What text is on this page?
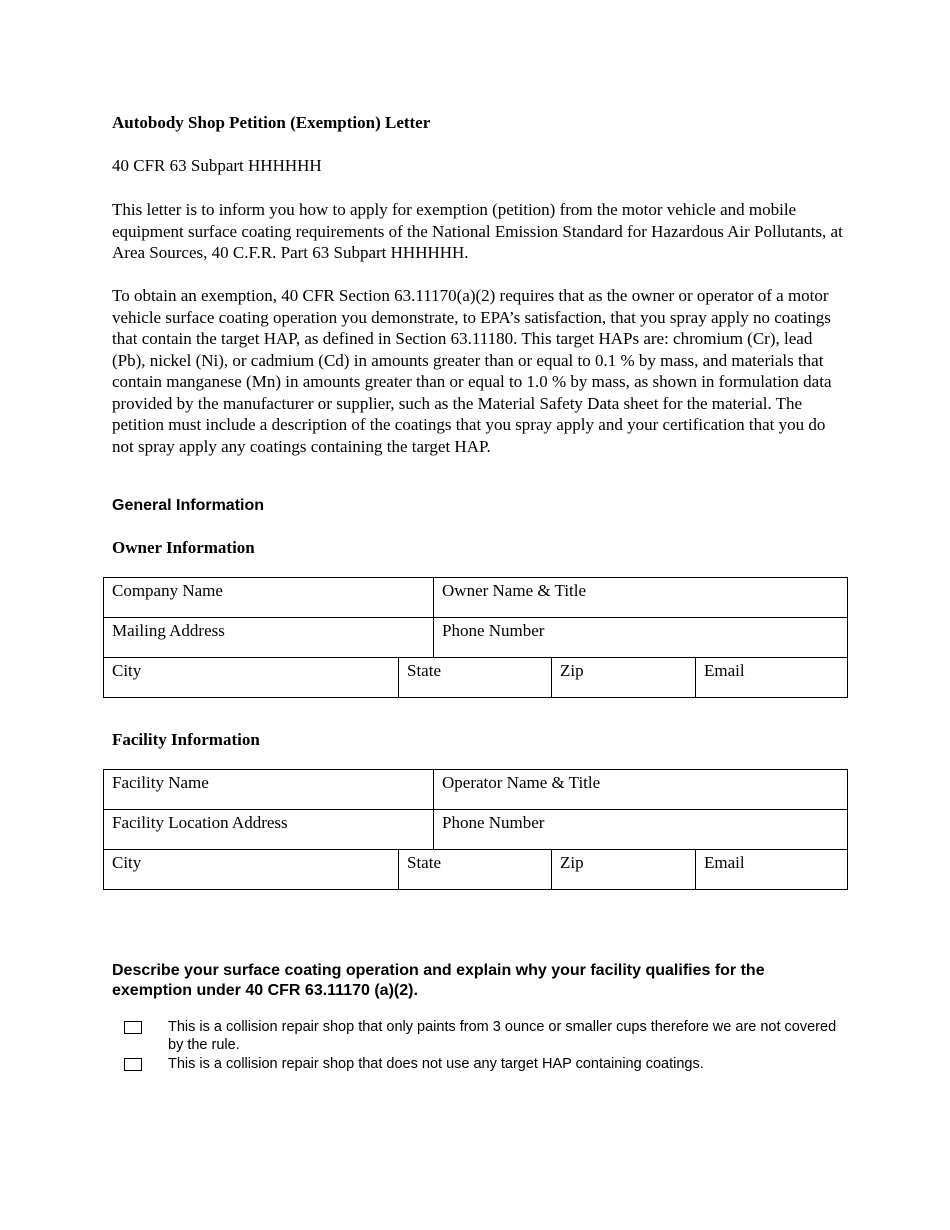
Autobody Shop Petition (Exemption) Letter
40 CFR 63 Subpart HHHHHH
This letter is to inform you how to apply for exemption (petition) from the motor vehicle and mobile equipment surface coating requirements of the National Emission Standard for Hazardous Air Pollutants, at Area Sources, 40 C.F.R. Part 63 Subpart HHHHHH.
To obtain an exemption, 40 CFR Section 63.11170(a)(2) requires that as the owner or operator of a motor vehicle surface coating operation you demonstrate, to EPA’s satisfaction, that you spray apply no coatings that contain the target HAP, as defined in Section 63.11180. This target HAPs are: chromium (Cr), lead (Pb), nickel (Ni), or cadmium (Cd) in amounts greater than or equal to 0.1 % by mass, and materials that contain manganese (Mn) in amounts greater than or equal to 1.0 % by mass, as shown in formulation data provided by the manufacturer or supplier, such as the Material Safety Data sheet for the material. The petition must include a description of the coatings that you spray apply and your certification that you do not spray apply any coatings containing the target HAP.
General Information
Owner Information
Company Name		Owner Name & Title		
Mailing Address		Phone Number		
City	State		Zip	Email
Facility Information
Facility Name		Operator Name & Title		
Facility Location Address		Phone Number		
City	State		Zip	Email
Describe your surface coating operation and explain why your facility qualifies for the exemption under 40 CFR 63.11170 (a)(2).
This is a collision repair shop that only paints from 3 ounce or smaller cups therefore we are not covered by the rule.
This is a collision repair shop that does not use any target HAP containing coatings.
